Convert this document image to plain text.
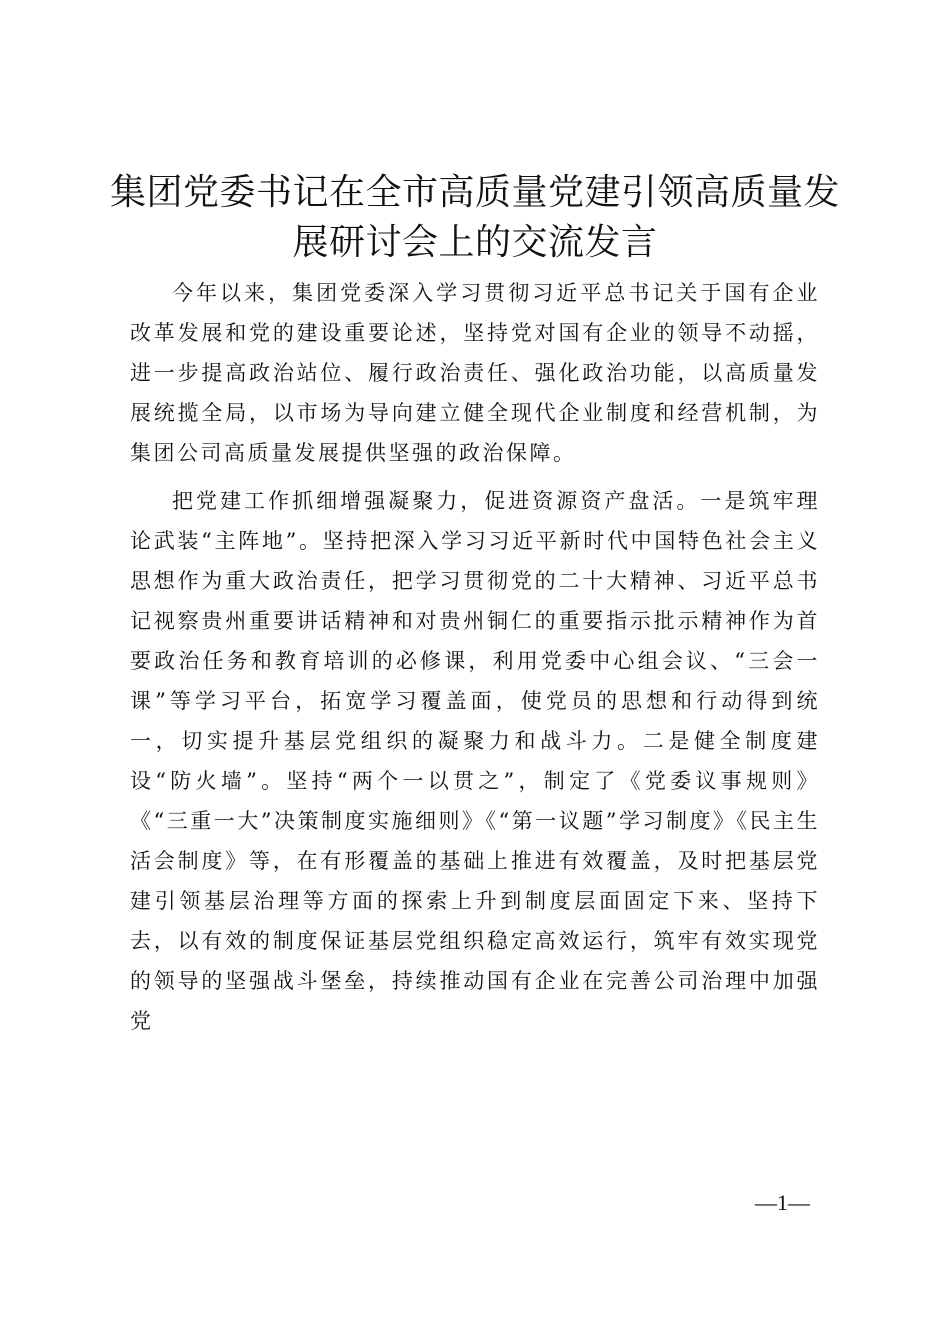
集团党委书记在全市高质量党建引领高质量发展研讨会上的交流发言

今年以来，集团党委深入学习贯彻习近平总书记关于国有企业改革发展和党的建设重要论述，坚持党对国有企业的领导不动摇，进一步提高政治站位、履行政治责任、强化政治功能，以高质量发展统揽全局，以市场为导向建立健全现代企业制度和经营机制，为集团公司高质量发展提供坚强的政治保障。

把党建工作抓细增强凝聚力，促进资源资产盘活。一是筑牢理论武装“主阵地”。坚持把深入学习习近平新时代中国特色社会主义思想作为重大政治责任，把学习贯彻党的二十大精神、习近平总书记视察贵州重要讲话精神和对贵州铜仁的重要指示批示精神作为首要政治任务和教育培训的必修课，利用党委中心组会议、“三会一课”等学习平台，拓宽学习覆盖面，使党员的思想和行动得到统一，切实提升基层党组织的凝聚力和战斗力。二是健全制度建设“防火墙”。坚持“两个一以贯之”，制定了《党委议事规则》《“三重一大”决策制度实施细则》《“第一议题”学习制度》《民主生活会制度》等，在有形覆盖的基础上推进有效覆盖，及时把基层党建引领基层治理等方面的探索上升到制度层面固定下来、坚持下去，以有效的制度保证基层党组织稳定高效运行，筑牢有效实现党的领导的坚强战斗堡垒，持续推动国有企业在完善公司治理中加强党

—1—
